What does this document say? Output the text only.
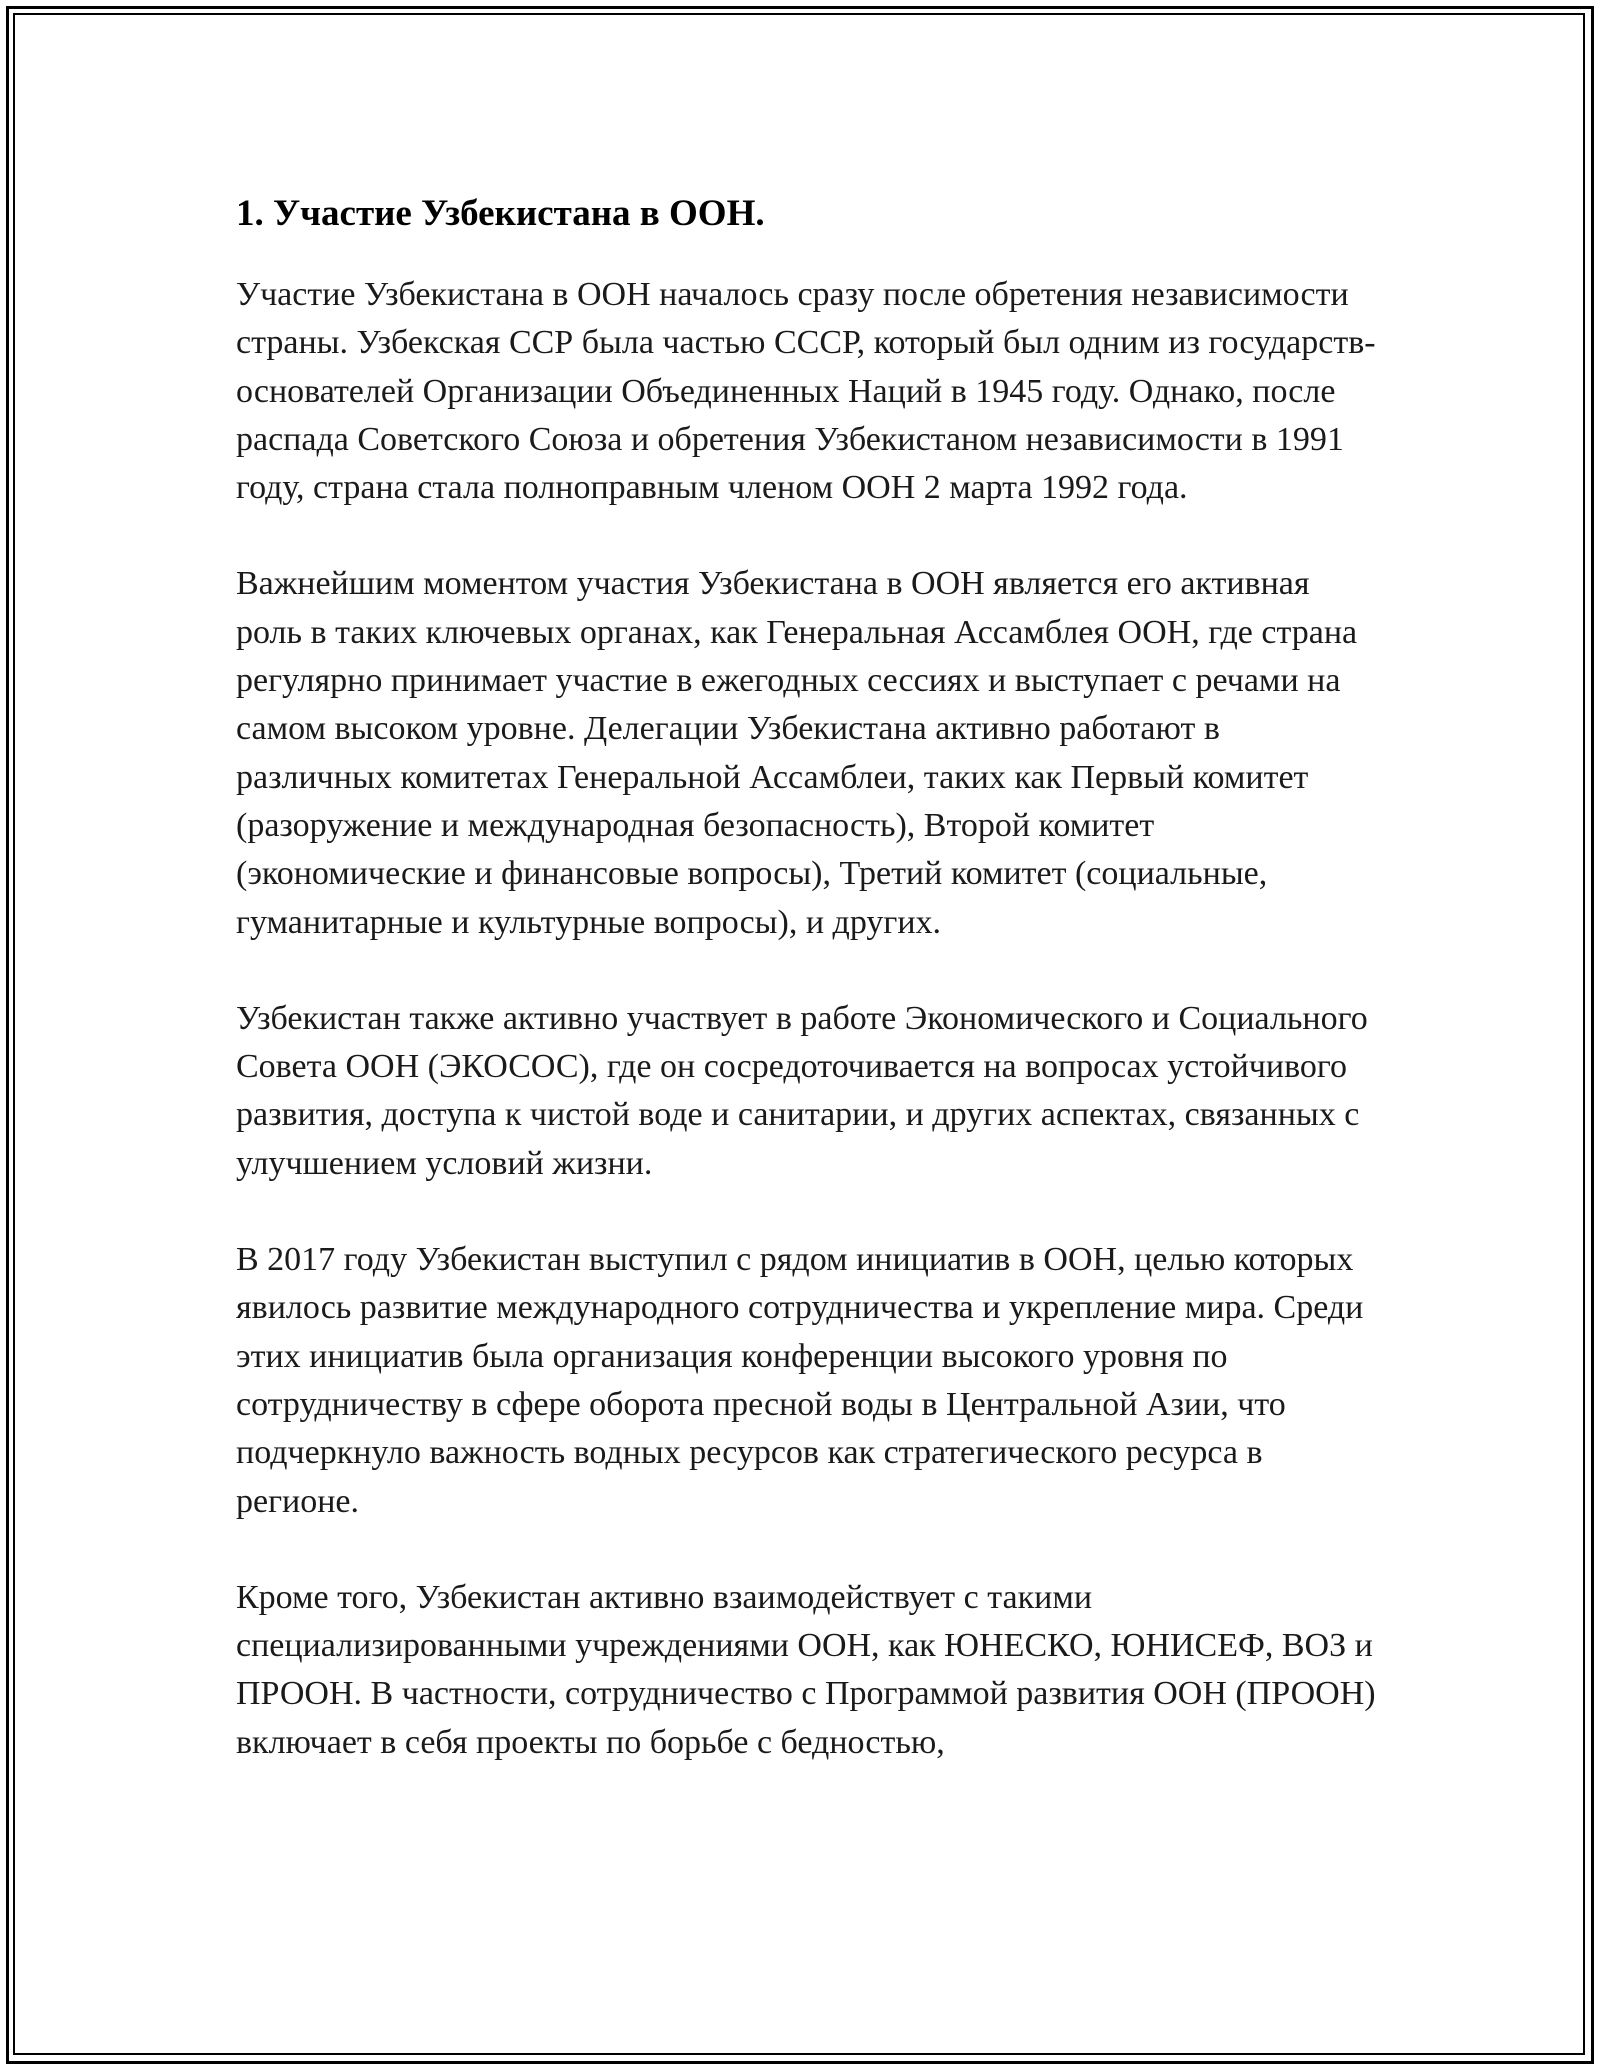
1. Участие Узбекистана в ООН.

Участие Узбекистана в ООН началось сразу после обретения независимости страны. Узбекская ССР была частью СССР, который был одним из государств-основателей Организации Объединенных Наций в 1945 году. Однако, после распада Советского Союза и обретения Узбекистаном независимости в 1991 году, страна стала полноправным членом ООН 2 марта 1992 года.

Важнейшим моментом участия Узбекистана в ООН является его активная роль в таких ключевых органах, как Генеральная Ассамблея ООН, где страна регулярно принимает участие в ежегодных сессиях и выступает с речами на самом высоком уровне. Делегации Узбекистана активно работают в различных комитетах Генеральной Ассамблеи, таких как Первый комитет (разоружение и международная безопасность), Второй комитет (экономические и финансовые вопросы), Третий комитет (социальные, гуманитарные и культурные вопросы), и других.

Узбекистан также активно участвует в работе Экономического и Социального Совета ООН (ЭКОСОС), где он сосредоточивается на вопросах устойчивого развития, доступа к чистой воде и санитарии, и других аспектах, связанных с улучшением условий жизни.

В 2017 году Узбекистан выступил с рядом инициатив в ООН, целью которых явилось развитие международного сотрудничества и укрепление мира. Среди этих инициатив была организация конференции высокого уровня по сотрудничеству в сфере оборота пресной воды в Центральной Азии, что подчеркнуло важность водных ресурсов как стратегического ресурса в регионе.

Кроме того, Узбекистан активно взаимодействует с такими специализированными учреждениями ООН, как ЮНЕСКО, ЮНИСЕФ, ВОЗ и ПРООН. В частности, сотрудничество с Программой развития ООН (ПРООН) включает в себя проекты по борьбе с бедностью,
